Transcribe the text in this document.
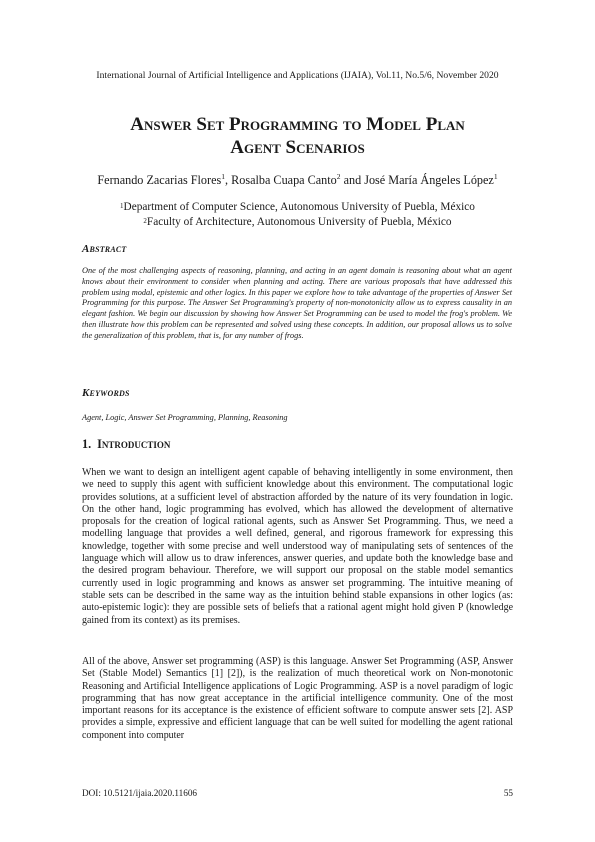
International Journal of Artificial Intelligence and Applications (IJAIA), Vol.11, No.5/6, November 2020
Answer Set Programming to Model Plan
Agent Scenarios
Fernando Zacarias Flores$^1$, Rosalba Cuapa Canto$^2$ and José María Ángeles López$^1$
$^1$Department of Computer Science, Autonomous University of Puebla, México
$^2$Faculty of Architecture, Autonomous University of Puebla, México
Abstract
One of the most challenging aspects of reasoning, planning, and acting in an agent domain is reasoning about what an agent knows about their environment to consider when planning and acting. There are various proposals that have addressed this problem using modal, epistemic and other logics. In this paper we explore how to take advantage of the properties of Answer Set Programming for this purpose. The Answer Set Programming's property of non-monotonicity allow us to express causality in an elegant fashion. We begin our discussion by showing how Answer Set Programming can be used to model the frog's problem. We then illustrate how this problem can be represented and solved using these concepts. In addition, our proposal allows us to solve the generalization of this problem, that is, for any number of frogs.
Keywords
Agent, Logic, Answer Set Programming, Planning, Reasoning
1. Introduction
When we want to design an intelligent agent capable of behaving intelligently in some environment, then we need to supply this agent with sufficient knowledge about this environment. The computational logic provides solutions, at a sufficient level of abstraction afforded by the nature of its very foundation in logic. On the other hand, logic programming has evolved, which has allowed the development of alternative proposals for the creation of logical rational agents, such as Answer Set Programming. Thus, we need a modelling language that provides a well defined, general, and rigorous framework for expressing this knowledge, together with some precise and well understood way of manipulating sets of sentences of the language which will allow us to draw inferences, answer queries, and update both the knowledge base and the desired program behaviour. Therefore, we will support our proposal on the stable model semantics currently used in logic programming and knows as answer set programming. The intuitive meaning of stable sets can be described in the same way as the intuition behind stable expansions in other logics (as: auto-epistemic logic): they are possible sets of beliefs that a rational agent might hold given P (knowledge gained from its context) as its premises.
All of the above, Answer set programming (ASP) is this language. Answer Set Programming (ASP, Answer Set (Stable Model) Semantics [1] [2]), is the realization of much theoretical work on Non-monotonic Reasoning and Artificial Intelligence applications of Logic Programming. ASP is a novel paradigm of logic programming that has now great acceptance in the artificial intelligence community. One of the most important reasons for its acceptance is the existence of efficient software to compute answer sets [2]. ASP provides a simple, expressive and efficient language that can be well suited for modelling the agent rational component into computer
DOI: 10.5121/ijaia.2020.11606	55
